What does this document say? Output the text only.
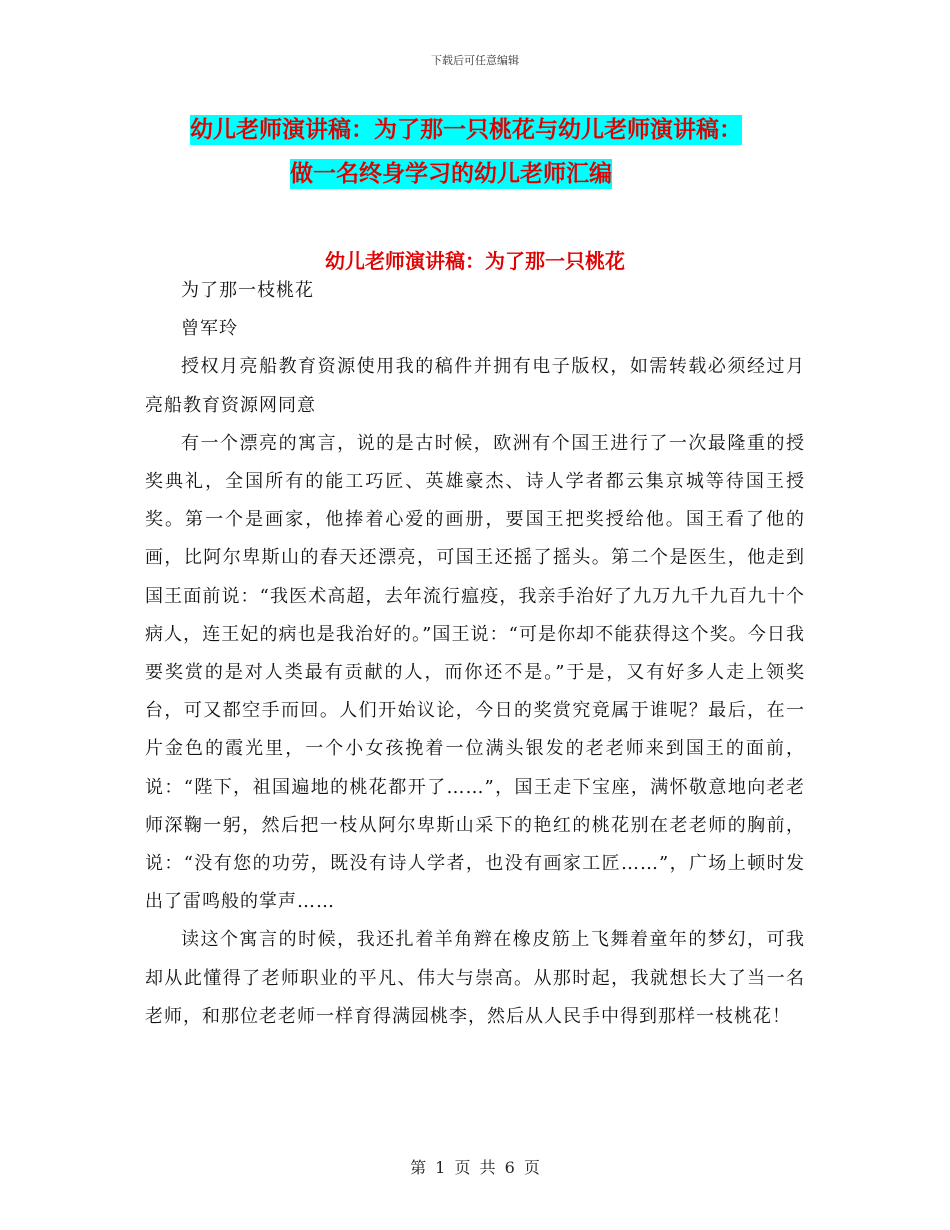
下载后可任意编辑
幼儿老师演讲稿：为了那一只桃花与幼儿老师演讲稿：
做一名终身学习的幼儿老师汇编
幼儿老师演讲稿：为了那一只桃花

为了那一枝桃花

曾军玲

授权月亮船教育资源使用我的稿件并拥有电子版权，如需转载必须经过月亮船教育资源网同意

有一个漂亮的寓言，说的是古时候，欧洲有个国王进行了一次最隆重的授奖典礼，全国所有的能工巧匠、英雄豪杰、诗人学者都云集京城等待国王授奖。第一个是画家，他捧着心爱的画册，要国王把奖授给他。国王看了他的画，比阿尔卑斯山的春天还漂亮，可国王还摇了摇头。第二个是医生，他走到国王面前说：“我医术高超，去年流行瘟疫，我亲手治好了九万九千九百九十个病人，连王妃的病也是我治好的。”国王说：“可是你却不能获得这个奖。今日我要奖赏的是对人类最有贡献的人，而你还不是。”于是，又有好多人走上领奖台，可又都空手而回。人们开始议论，今日的奖赏究竟属于谁呢？最后，在一片金色的霞光里，一个小女孩挽着一位满头银发的老老师来到国王的面前，说：“陛下，祖国遍地的桃花都开了……”，国王走下宝座，满怀敬意地向老老师深鞠一躬，然后把一枝从阿尔卑斯山采下的艳红的桃花别在老老师的胸前，说：“没有您的功劳，既没有诗人学者，也没有画家工匠……”，广场上顿时发出了雷鸣般的掌声……

读这个寓言的时候，我还扎着羊角辫在橡皮筋上飞舞着童年的梦幻，可我却从此懂得了老师职业的平凡、伟大与崇高。从那时起，我就想长大了当一名老师，和那位老老师一样育得满园桃李，然后从人民手中得到那样一枝桃花！

第 1 页 共 6 页
